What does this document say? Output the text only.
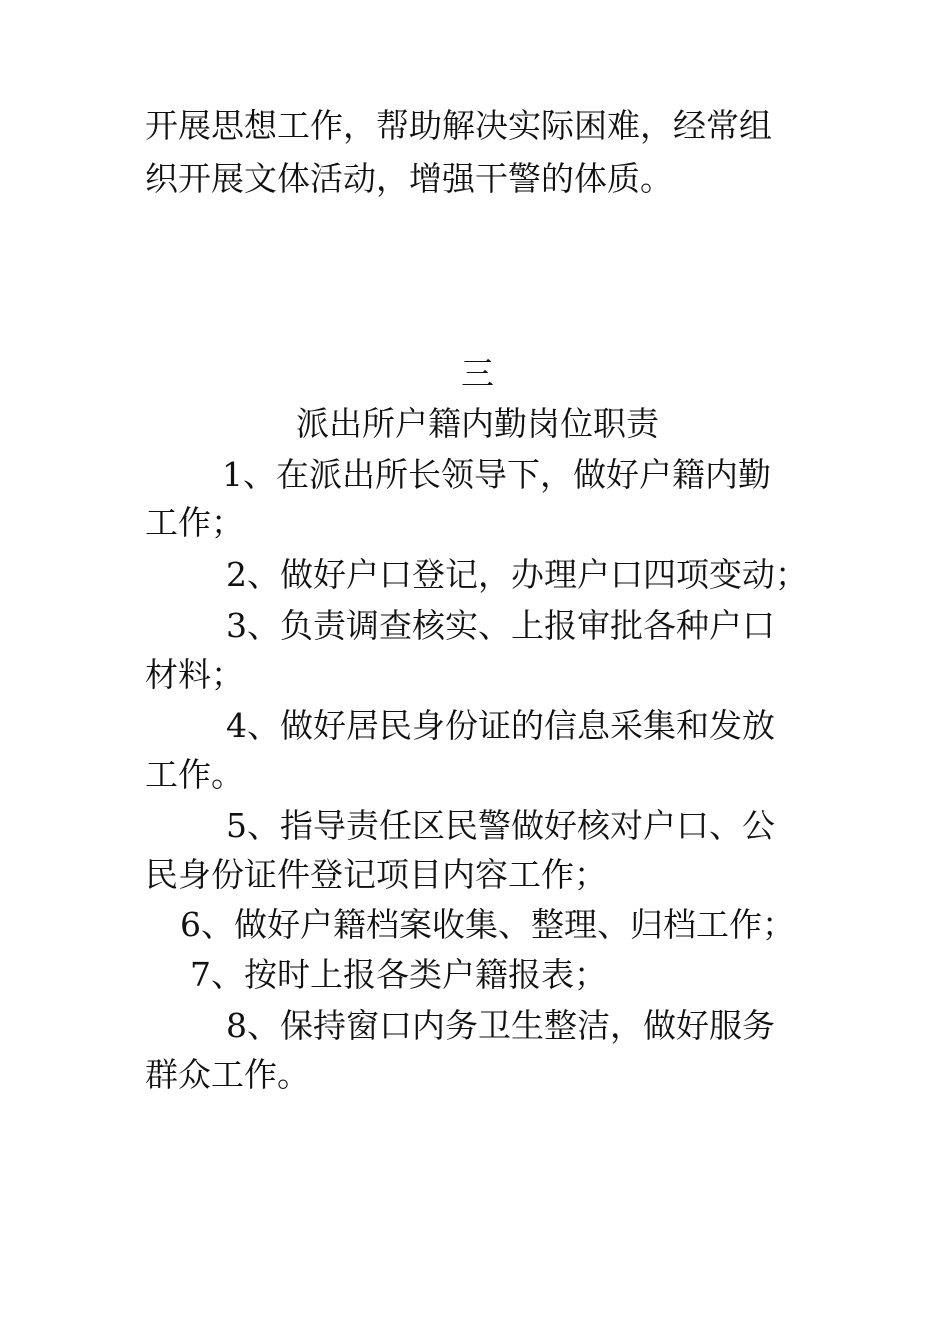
开展思想工作，帮助解决实际困难，经常组
织开展文体活动，增强干警的体质。
三
派出所户籍内勤岗位职责
1、在派出所长领导下，做好户籍内勤
工作；
2、做好户口登记，办理户口四项变动；
3、负责调查核实、上报审批各种户口
材料；
4、做好居民身份证的信息采集和发放
工作。
5、指导责任区民警做好核对户口、公
民身份证件登记项目内容工作；
6、做好户籍档案收集、整理、归档工作；
7、按时上报各类户籍报表；
8、保持窗口内务卫生整洁，做好服务
群众工作。
